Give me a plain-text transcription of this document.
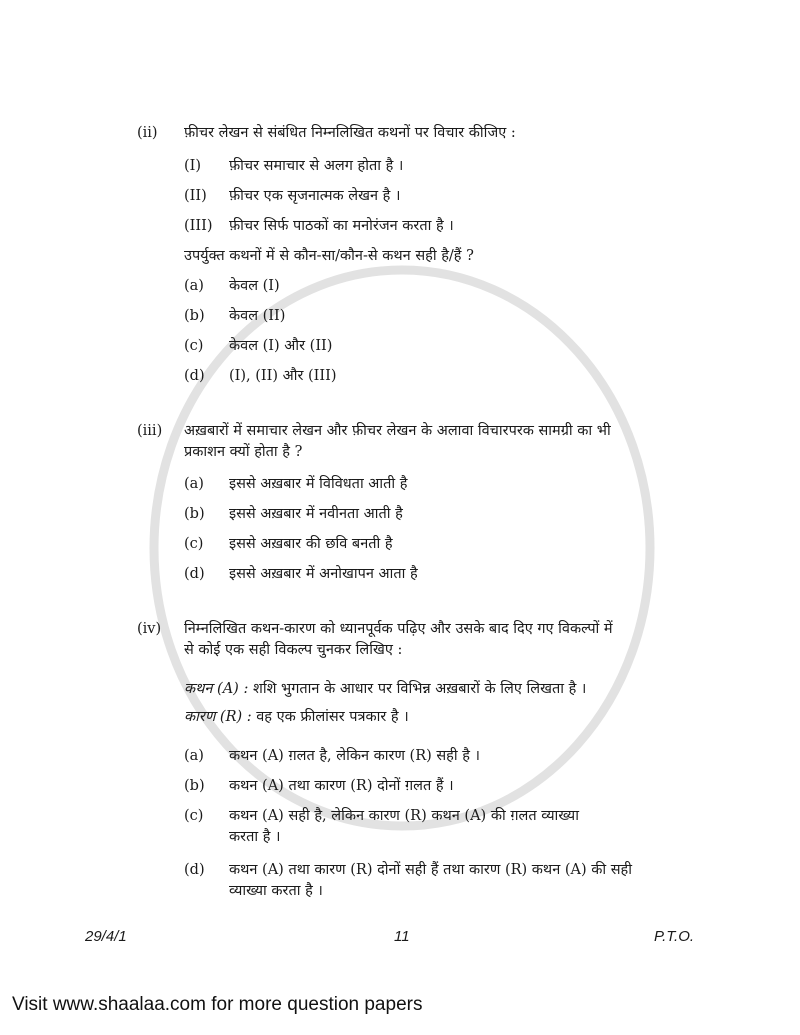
(ii)	फ़ीचर लेखन से संबंधित निम्नलिखित कथनों पर विचार कीजिए :
(I)	फ़ीचर समाचार से अलग होता है ।
(II)	फ़ीचर एक सृजनात्मक लेखन है ।
(III)	फ़ीचर सिर्फ पाठकों का मनोरंजन करता है ।
उपर्युक्त कथनों में से कौन-सा/कौन-से कथन सही है/हैं ?
(a)	केवल (I)
(b)	केवल (II)
(c)	केवल (I) और (II)
(d)	(I), (II) और (III)
(iii)	अख़बारों में समाचार लेखन और फ़ीचर लेखन के अलावा विचारपरक सामग्री का भी
प्रकाशन क्यों होता है ?
(a)	इससे अख़बार में विविधता आती है
(b)	इससे अख़बार में नवीनता आती है
(c)	इससे अख़बार की छवि बनती है
(d)	इससे अख़बार में अनोखापन आता है
(iv)	निम्नलिखित कथन-कारण को ध्यानपूर्वक पढ़िए और उसके बाद दिए गए विकल्पों में
से कोई एक सही विकल्प चुनकर लिखिए :
कथन (A) : शशि भुगतान के आधार पर विभिन्न अख़बारों के लिए लिखता है ।
कारण (R) : वह एक फ्रीलांसर पत्रकार है ।
(a)	कथन (A) ग़लत है, लेकिन कारण (R) सही है ।
(b)	कथन (A) तथा कारण (R) दोनों ग़लत हैं ।
(c)	कथन (A) सही है, लेकिन कारण (R) कथन (A) की ग़लत व्याख्या
करता है ।
(d)	कथन (A) तथा कारण (R) दोनों सही हैं तथा कारण (R) कथन (A) की सही
व्याख्या करता है ।
29/4/1	11	P.T.O.
Visit www.shaalaa.com for more question papers
